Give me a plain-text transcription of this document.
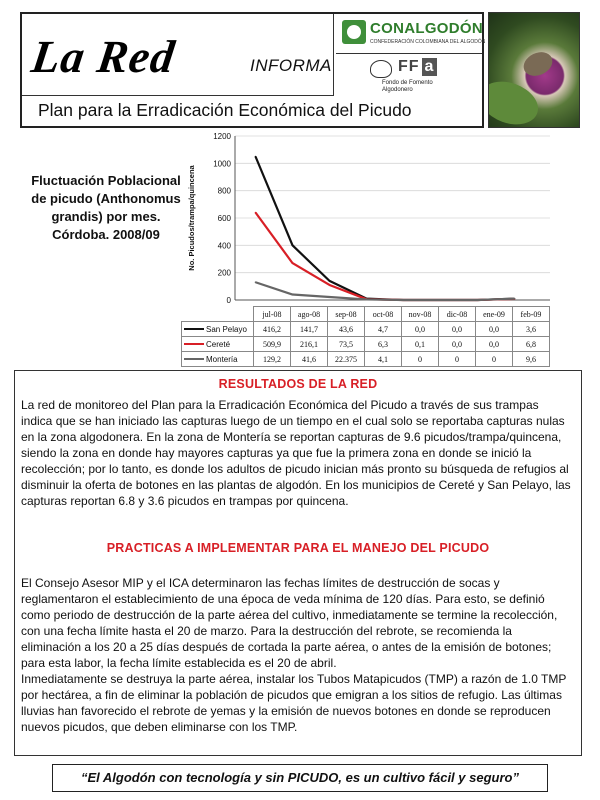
La Red	INFORMA
CONALGODÓN
CONFEDERACIÓN COLOMBIANA DEL ALGODÓN
FF a
Fondo de Fomento
Algodonero
Plan para la Erradicación Económica del Picudo
Fluctuación Poblacional de picudo (Anthonomus grandis) por mes. Córdoba. 2008/09
0
200
400
600
800
1000
1200
No. Picudos/trampa/quincena
	jul-08	ago-08	sep-08	oct-08	nov-08	dic-08	ene-09	feb-09
San Pelayo	416,2	141,7	43,6	4,7	0,0	0,0	0,0	3,6
Cereté	509,9	216,1	73,5	6,3	0,1	0,0	0,0	6,8
Montería	129,2	41,6	22.375	4,1	0	0	0	9,6
RESULTADOS DE LA RED

La red de monitoreo del Plan para la Erradicación Económica del Picudo a través de sus trampas indica que se han iniciado las capturas luego de un tiempo en el cual solo se reportaba capturas nulas en la zona algodonera. En la zona de Montería se reportan capturas de 9.6 picudos/trampa/quincena, siendo la zona en donde hay mayores capturas ya que fue la primera zona en donde se inició la recolección; por lo tanto, es donde los adultos de picudo inician más pronto su búsqueda de refugios al disminuir la oferta de botones en las plantas de algodón. En los municipios de Cereté y San Pelayo, las capturas reportan 6.8 y 3.6 picudos en trampas por quincena.

PRACTICAS A IMPLEMENTAR PARA EL MANEJO DEL PICUDO

El Consejo Asesor MIP y el ICA determinaron las fechas límites de destrucción de socas y reglamentaron el establecimiento de una época de veda mínima de 120 días. Para esto, se definió como periodo de destrucción de la parte aérea del cultivo, inmediatamente se termine la recolección, con una fecha límite hasta el 20 de marzo. Para la destrucción del rebrote, se recomienda la eliminación a los 20 a 25 días después de cortada la parte aérea, o antes de la emisión de botones; para esta labor, la fecha límite establecida es el 20 de abril.

Inmediatamente se destruya la parte aérea, instalar los Tubos Matapicudos (TMP) a razón de 1.0 TMP por hectárea, a fin de eliminar la población de picudos que emigran a los sitios de refugio. Las últimas lluvias han favorecido el rebrote de yemas y la emisión de nuevos botones en donde se reproducen nuevos picudos, que deben eliminarse con los TMP.

“El Algodón con tecnología y sin PICUDO, es un cultivo fácil y seguro”
